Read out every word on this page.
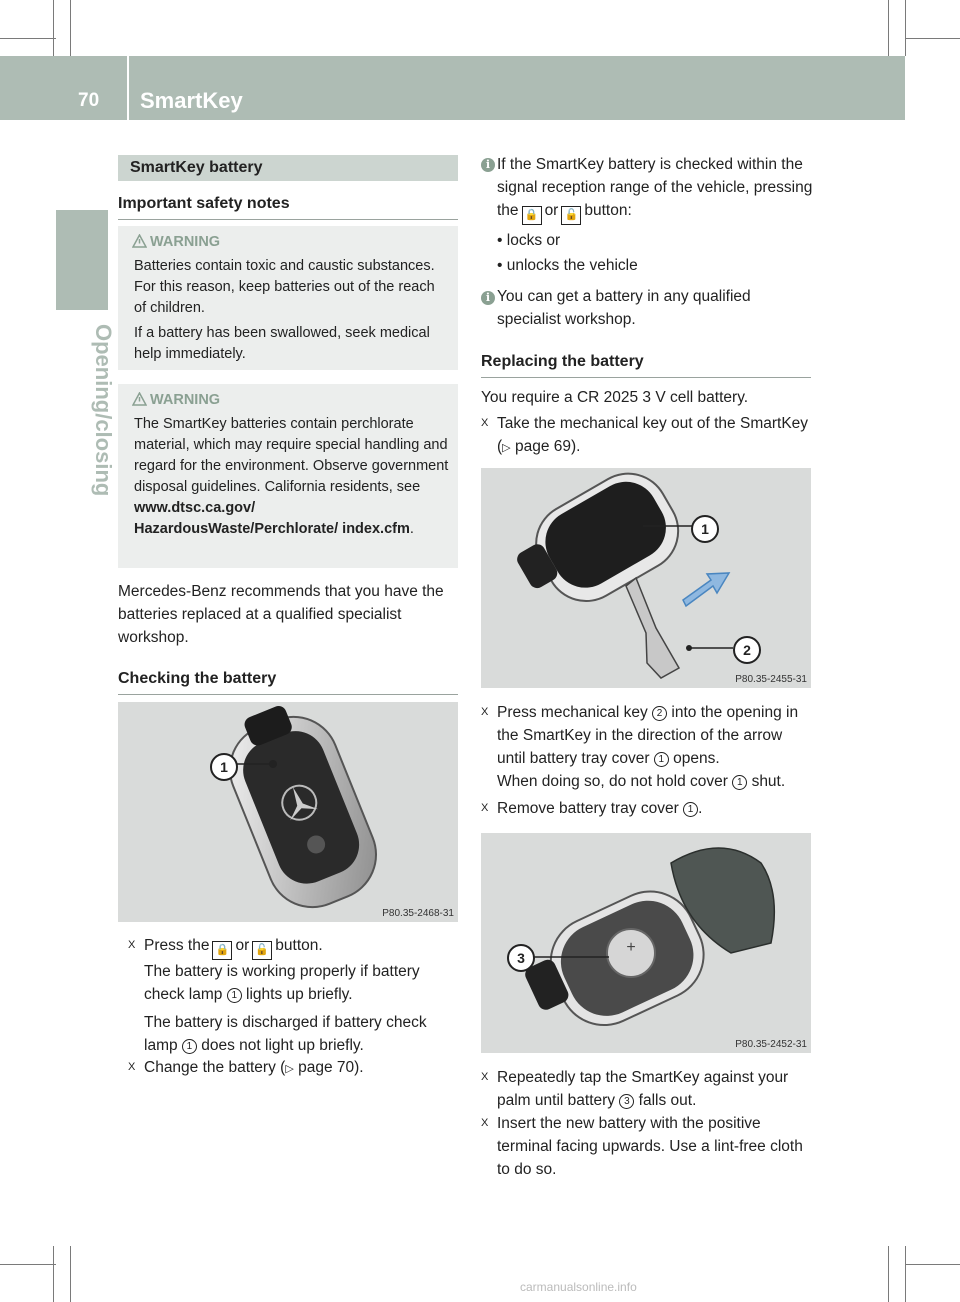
70 SmartKey
Opening/closing
SmartKey battery
Important safety notes
WARNING

Batteries contain toxic and caustic substances. For this reason, keep batteries out of the reach of children.

If a battery has been swallowed, seek medical help immediately.

WARNING

The SmartKey batteries contain perchlorate material, which may require special handling and regard for the environment. Observe government disposal guidelines. California residents, see www.dtsc.ca.gov/ HazardousWaste/Perchlorate/ index.cfm.

Mercedes-Benz recommends that you have the batteries replaced at a qualified specialist workshop.

Checking the battery
1
P80.35-2468-31
X Press the 🔒 or 🔓 button.
The battery is working properly if battery check lamp 1 lights up briefly.
The battery is discharged if battery check lamp 1 does not light up briefly.
X Change the battery (▷ page 70).
i If the SmartKey battery is checked within the signal reception range of the vehicle, pressing the 🔒 or 🔓 button:

• locks or

• unlocks the vehicle

i You can get a battery in any qualified specialist workshop.

Replacing the battery

You require a CR 2025 3 V cell battery.

X Take the mechanical key out of the SmartKey (▷ page 69).
1
2
P80.35-2455-31
X Press mechanical key 2 into the opening in the SmartKey in the direction of the arrow until battery tray cover 1 opens.
When doing so, do not hold cover 1 shut.
X Remove battery tray cover 1 .
+
3
P80.35-2452-31
X Repeatedly tap the SmartKey against your palm until battery 3 falls out.
X Insert the new battery with the positive terminal facing upwards. Use a lint-free cloth to do so.
carmanualsonline.info
